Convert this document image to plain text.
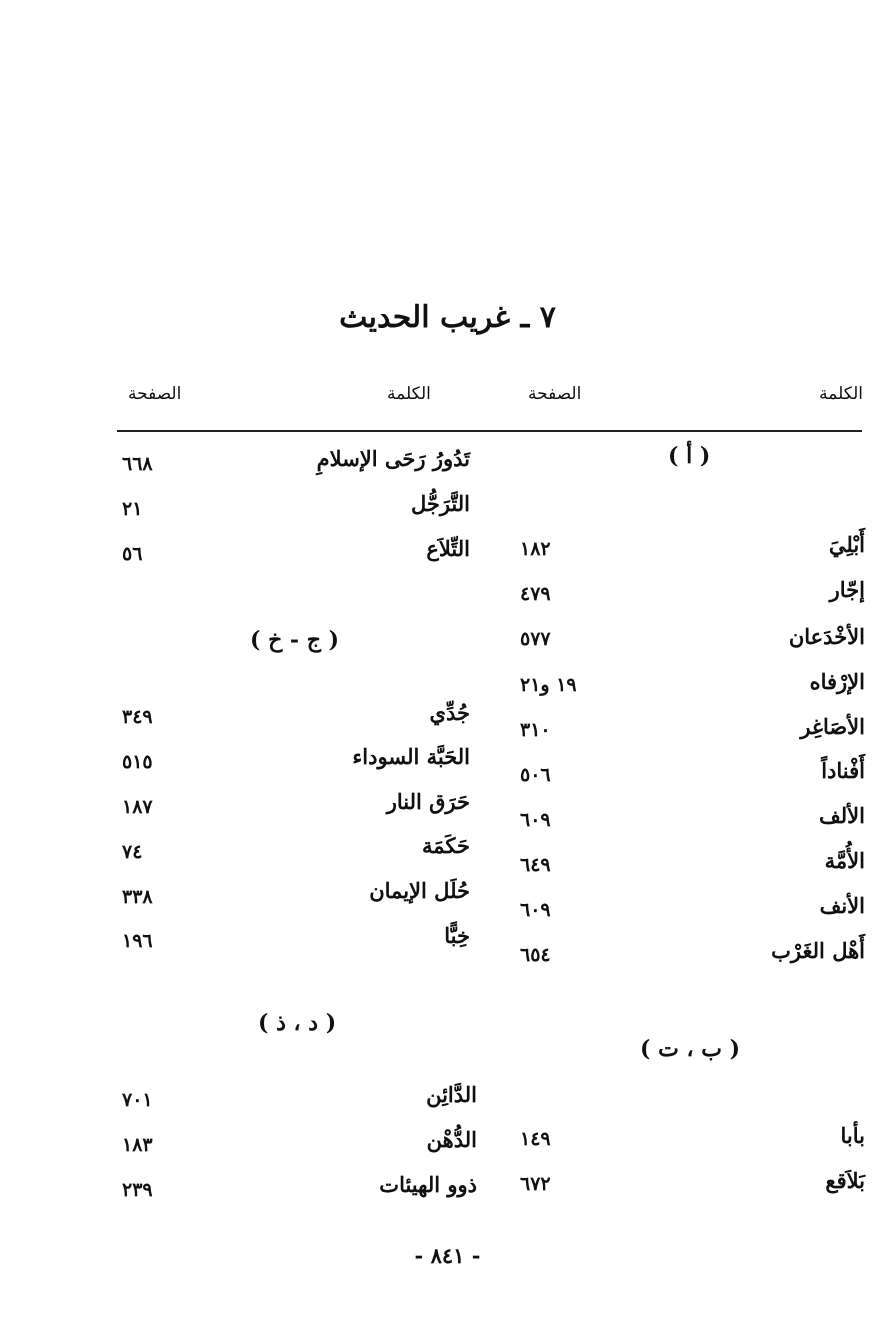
٧ ـ غريب الحديث
الكلمة
الصفحة
الكلمة
الصفحة
( أ )
( ب ، ت )
أَبْلِيَ
١٨٢
إجّار
٤٧٩
الأخْدَعان
٥٧٧
الإرْفاه
١٩ و٢١
الأصَاغِر
٣١٠
أَفْناداً
٥٠٦
الألف
٦٠٩
الأُمَّة
٦٤٩
الأنف
٦٠٩
أَهْل الغَرْب
٦٥٤
بأبا
١٤٩
بَلاَقع
٦٧٢
( ج - خ )
( د ، ذ )
تَدُورُ رَحَى الإسلامِ
٦٦٨
التَّرَجُّل
٢١
التِّلاَع
٥٦
جُدِّي
٣٤٩
الحَبَّة السوداء
٥١٥
حَرَق النار
١٨٧
حَكَمَة
٧٤
حُلَل الإيمان
٣٣٨
خِبًّا
١٩٦
الدَّائِن
٧٠١
الدُّهْن
١٨٣
ذوو الهيئات
٢٣٩
- ٨٤١ -
